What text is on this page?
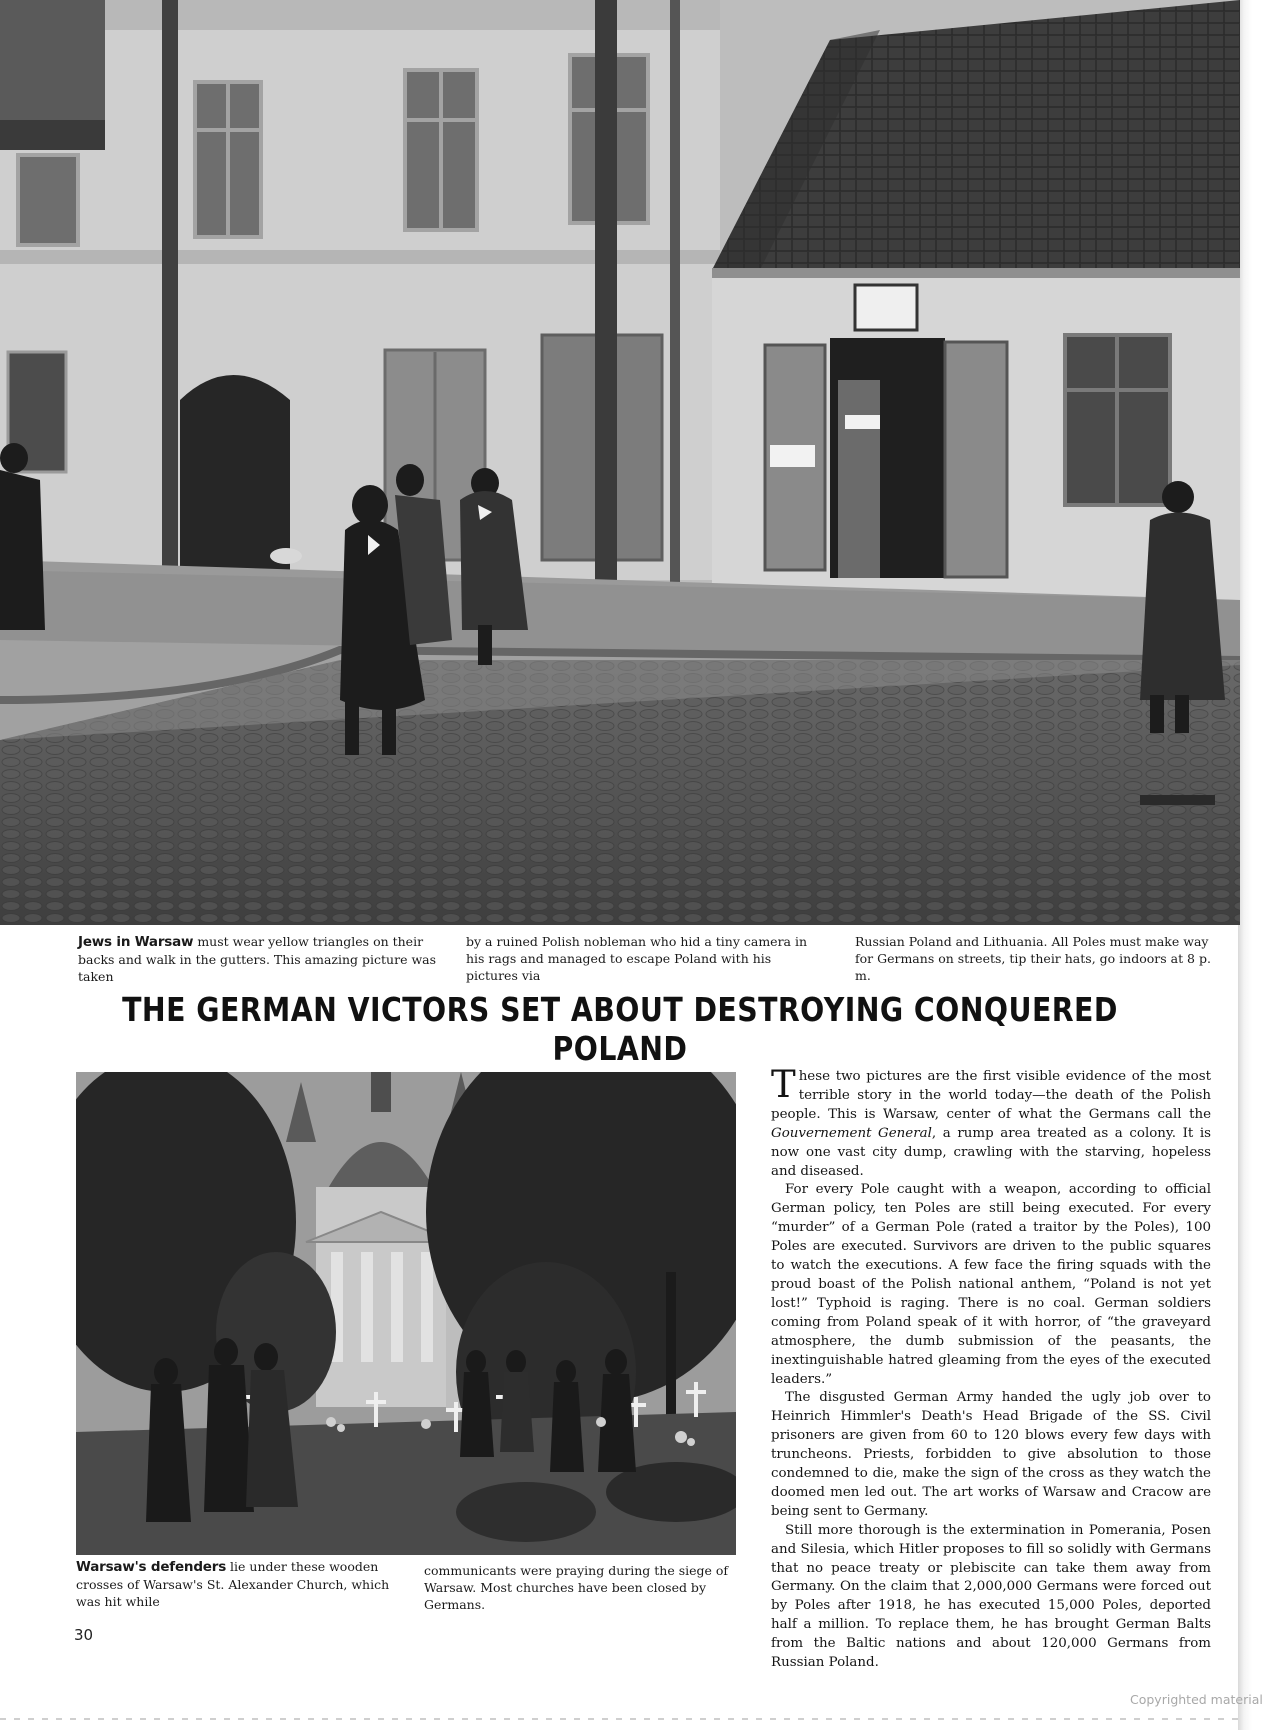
Jews in Warsaw must wear yellow triangles on their backs and walk in the gutters. This amazing picture was taken
by a ruined Polish nobleman who hid a tiny camera in his rags and managed to escape Poland with his pictures via
Russian Poland and Lithuania. All Poles must make way for Germans on streets, tip their hats, go indoors at 8 p. m.
THE GERMAN VICTORS SET ABOUT DESTROYING CONQUERED POLAND
Warsaw's defenders lie under these wooden crosses of Warsaw's St. Alexander Church, which was hit while
communicants were praying during the siege of Warsaw. Most churches have been closed by Germans.

These two pictures are the first visible evidence of the most terrible story in the world today—the death of the Polish people. This is Warsaw, center of what the Germans call the Gouvernement General, a rump area treated as a colony. It is now one vast city dump, crawling with the starving, hopeless and diseased.

For every Pole caught with a weapon, according to official German policy, ten Poles are still being executed. For every “murder” of a German Pole (rated a traitor by the Poles), 100 Poles are executed. Survivors are driven to the public squares to watch the executions. A few face the firing squads with the proud boast of the Polish national anthem, “Poland is not yet lost!” Typhoid is raging. There is no coal. German soldiers coming from Poland speak of it with horror, of “the graveyard atmosphere, the dumb submission of the peasants, the inextinguishable hatred gleaming from the eyes of the executed leaders.”

The disgusted German Army handed the ugly job over to Heinrich Himmler's Death's Head Brigade of the SS. Civil prisoners are given from 60 to 120 blows every few days with truncheons. Priests, forbidden to give absolution to those condemned to die, make the sign of the cross as they watch the doomed men led out. The art works of Warsaw and Cracow are being sent to Germany.

Still more thorough is the extermination in Pomerania, Posen and Silesia, which Hitler proposes to fill so solidly with Germans that no peace treaty or plebiscite can take them away from Germany. On the claim that 2,000,000 Germans were forced out by Poles after 1918, he has executed 15,000 Poles, deported half a million. To replace them, he has brought German Balts from the Baltic nations and about 120,000 Germans from Russian Poland.

30
Copyrighted material
